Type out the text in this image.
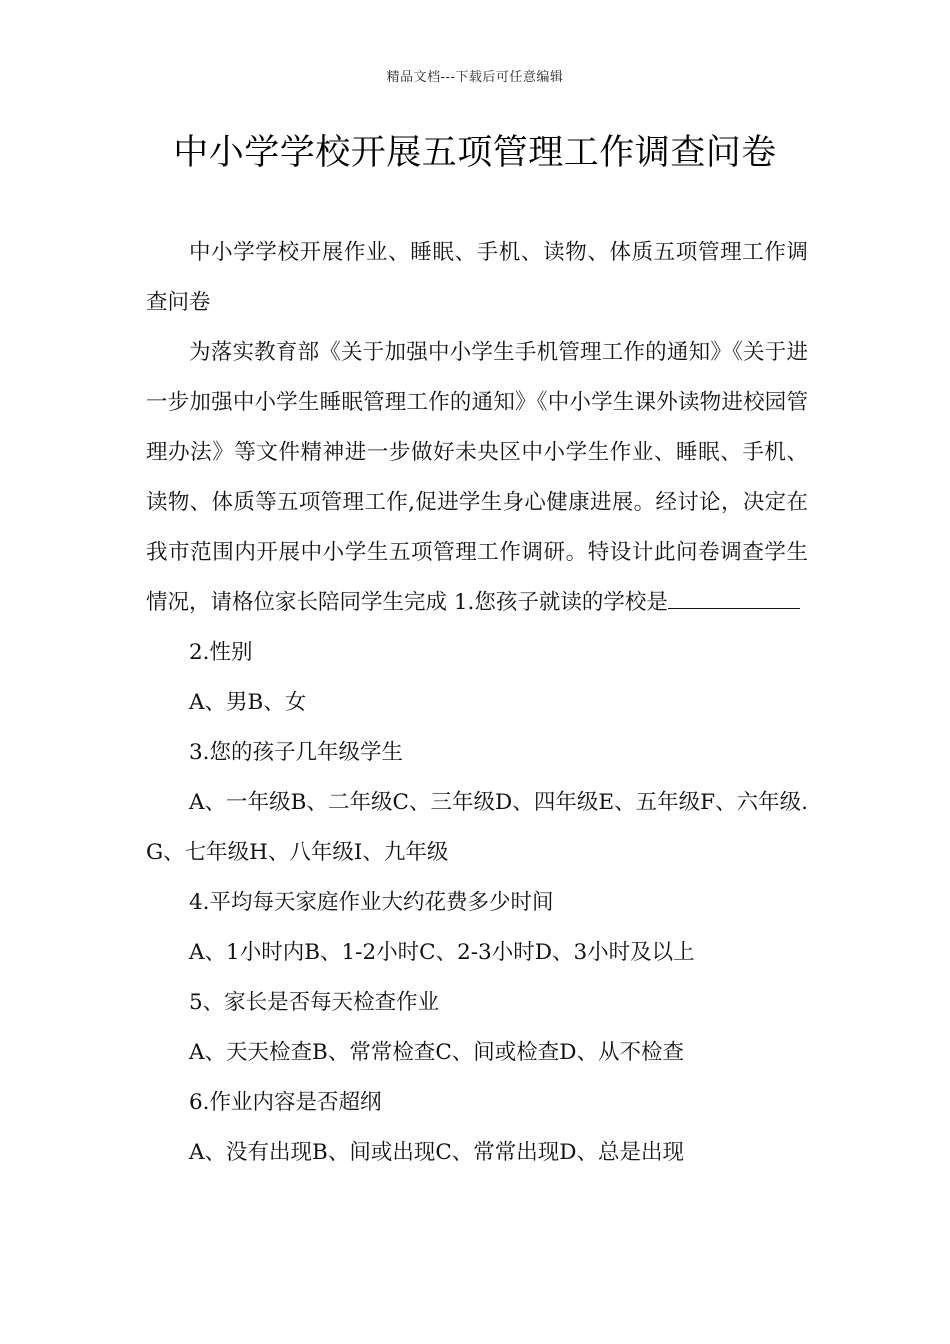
精品文档---下载后可任意编辑
中小学学校开展五项管理工作调查问卷

中小学学校开展作业、睡眠、手机、读物、体质五项管理工作调查问卷

为落实教育部《关于加强中小学生手机管理工作的通知》《关于进一步加强中小学生睡眠管理工作的通知》《中小学生课外读物进校园管理办法》等文件精神进一步做好未央区中小学生作业、睡眠、手机、读物、体质等五项管理工作,促进学生身心健康进展。经讨论，决定在我市范围内开展中小学生五项管理工作调研。特设计此问卷调查学生情况，请格位家长陪同学生完成 1.您孩子就读的学校是

2.性别

A、男B、女

3.您的孩子几年级学生

A、一年级B、二年级C、三年级D、四年级E、五年级F、六年级.G、七年级H、八年级I、九年级

4.平均每天家庭作业大约花费多少时间

A、1小时内B、1-2小时C、2-3小时D、3小时及以上

5、家长是否每天检查作业

A、天天检查B、常常检查C、间或检查D、从不检查

6.作业内容是否超纲

A、没有出现B、间或出现C、常常出现D、总是出现
